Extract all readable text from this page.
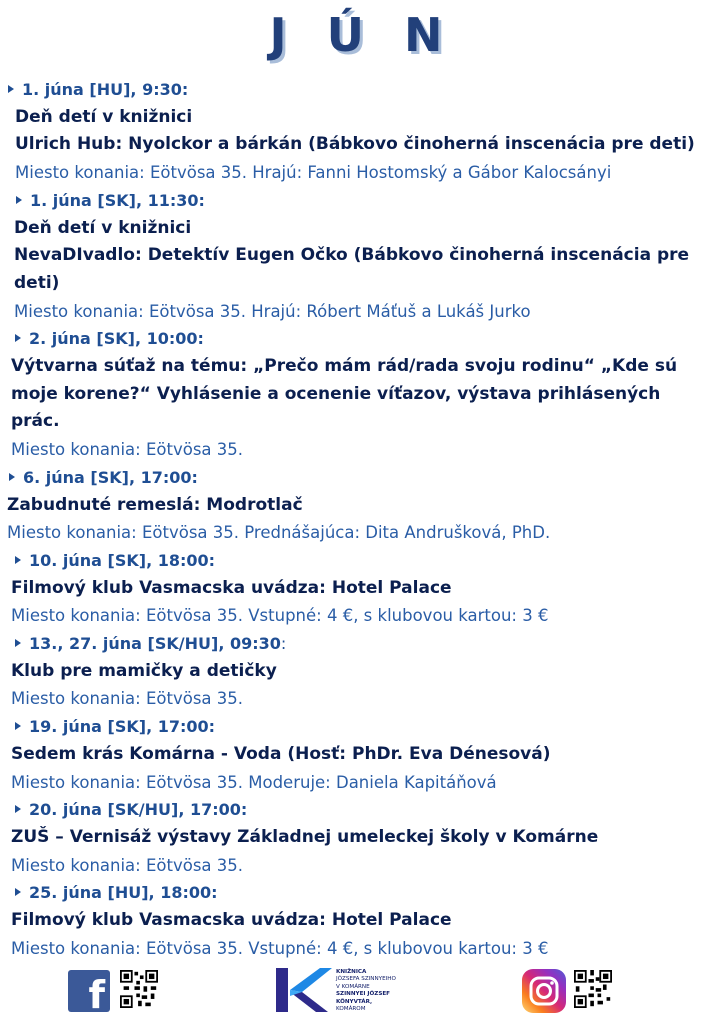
J Ú N
1. júna [HU], 9:30:
Deň detí v knižnici
Ulrich Hub: Nyolckor a bárkán (Bábkovo činoherná inscenácia pre deti)
Miesto konania: Eötvösa 35. Hrajú: Fanni Hostomský a Gábor Kalocsányi
1. júna [SK], 11:30:
Deň detí v knižnici
NevaDIvadlo: Detektív Eugen Očko (Bábkovo činoherná inscenácia pre deti)
Miesto konania: Eötvösa 35. Hrajú: Róbert Máťuš a Lukáš Jurko
2. júna [SK], 10:00:
Výtvarna súťaž na tému: „Prečo mám rád/rada svoju rodinu“ „Kde sú moje korene?“ Vyhlásenie a ocenenie víťazov, výstava prihlásených prác.
Miesto konania: Eötvösa 35.
6. júna [SK], 17:00:
Zabudnuté remeslá: Modrotlač
Miesto konania: Eötvösa 35. Prednášajúca: Dita Andrušková, PhD.
10. júna [SK], 18:00:
Filmový klub Vasmacska uvádza: Hotel Palace
Miesto konania: Eötvösa 35. Vstupné: 4 €, s klubovou kartou: 3 €
13., 27. júna [SK/HU], 09:30:
Klub pre mamičky a detičky
Miesto konania: Eötvösa 35.
19. júna [SK], 17:00:
Sedem krás Komárna - Voda (Hosť: PhDr. Eva Dénesová)
Miesto konania: Eötvösa 35. Moderuje: Daniela Kapitáňová
20. júna [SK/HU], 17:00:
ZUŠ – Vernisáž výstavy Základnej umeleckej školy v Komárne
Miesto konania: Eötvösa 35.
25. júna [HU], 18:00:
Filmový klub Vasmacska uvádza: Hotel Palace
Miesto konania: Eötvösa 35. Vstupné: 4 €, s klubovou kartou: 3 €
f
KNIŽNICA
JÓZSEFA SZINNYEIHO
V KOMÁRNE
SZINNYEI JÓZSEF
KÖNYVTÁR,
KOMÁROM
